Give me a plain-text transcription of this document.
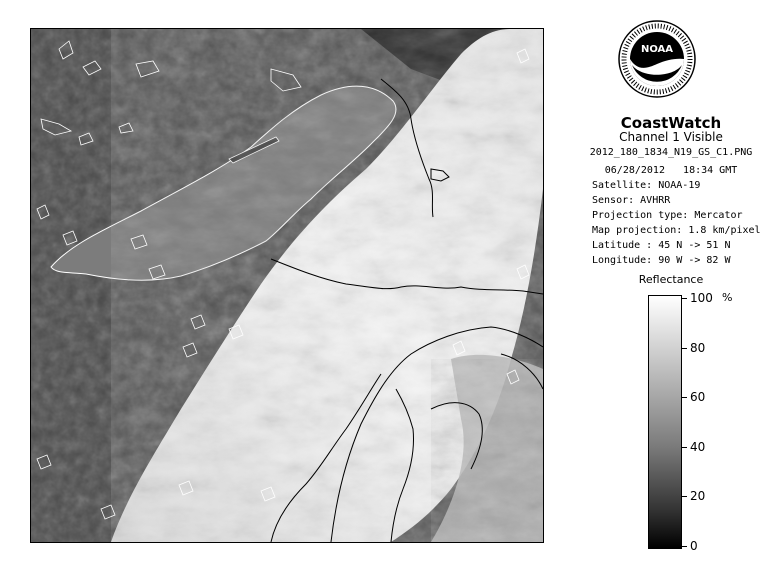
NOAA
CoastWatch
Channel 1 Visible
2012_180_1834_N19_GS_C1.PNG
06/28/2012 18:34 GMT
Satellite: NOAA-19
Sensor: AVHRR
Projection type: Mercator
Map projection: 1.8 km/pixel
Latitude : 45 N -> 51 N
Longitude: 90 W -> 82 W
Reflectance
%
100
80
60
40
20
0
